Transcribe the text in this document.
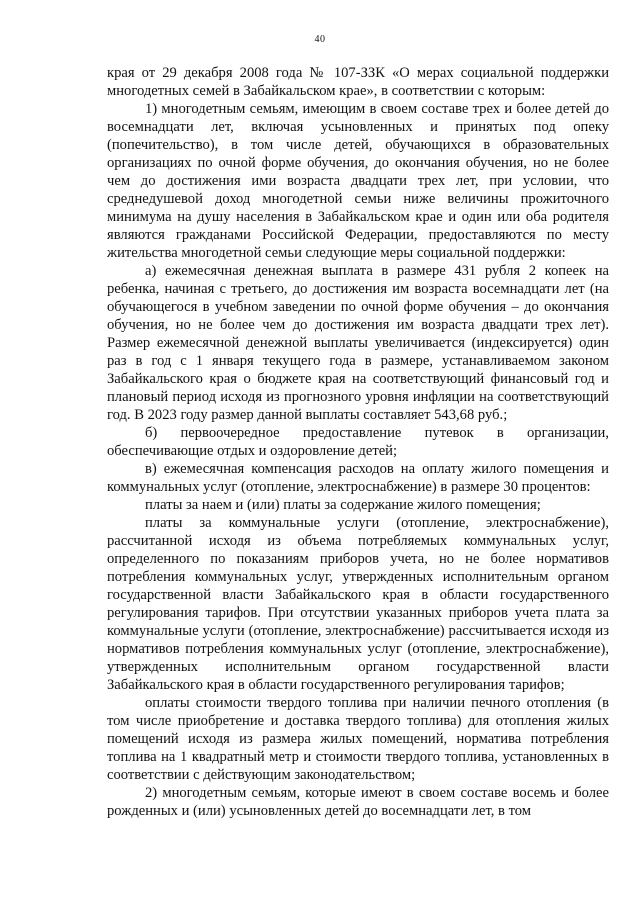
40

края от 29 декабря 2008 года № 107-ЗЗК «О мерах социальной поддержки многодетных семей в Забайкальском крае», в соответствии с которым:

1) многодетным семьям, имеющим в своем составе трех и более детей до восемнадцати лет, включая усыновленных и принятых под опеку (попечительство), в том числе детей, обучающихся в образовательных организациях по очной форме обучения, до окончания обучения, но не более чем до достижения ими возраста двадцати трех лет, при условии, что среднедушевой доход многодетной семьи ниже величины прожиточного минимума на душу населения в Забайкальском крае и один или оба родителя являются гражданами Российской Федерации, предоставляются по месту жительства многодетной семьи следующие меры социальной поддержки:

а) ежемесячная денежная выплата в размере 431 рубля 2 копеек на ребенка, начиная с третьего, до достижения им возраста восемнадцати лет (на обучающегося в учебном заведении по очной форме обучения – до окончания обучения, но не более чем до достижения им возраста двадцати трех лет). Размер ежемесячной денежной выплаты увеличивается (индексируется) один раз в год с 1 января текущего года в размере, устанавливаемом законом Забайкальского края о бюджете края на соответствующий финансовый год и плановый период исходя из прогнозного уровня инфляции на соответствующий год. В 2023 году размер данной выплаты составляет 543,68 руб.;

б) первоочередное предоставление путевок в организации, обеспечивающие отдых и оздоровление детей;

в) ежемесячная компенсация расходов на оплату жилого помещения и коммунальных услуг (отопление, электроснабжение) в размере 30 процентов:

платы за наем и (или) платы за содержание жилого помещения;

платы за коммунальные услуги (отопление, электроснабжение), рассчитанной исходя из объема потребляемых коммунальных услуг, определенного по показаниям приборов учета, но не более нормативов потребления коммунальных услуг, утвержденных исполнительным органом государственной власти Забайкальского края в области государственного регулирования тарифов. При отсутствии указанных приборов учета плата за коммунальные услуги (отопление, электроснабжение) рассчитывается исходя из нормативов потребления коммунальных услуг (отопление, электроснабжение), утвержденных исполнительным органом государственной власти Забайкальского края в области государственного регулирования тарифов;

оплаты стоимости твердого топлива при наличии печного отопления (в том числе приобретение и доставка твердого топлива) для отопления жилых помещений исходя из размера жилых помещений, норматива потребления топлива на 1 квадратный метр и стоимости твердого топлива, установленных в соответствии с действующим законодательством;

2) многодетным семьям, которые имеют в своем составе восемь и более рожденных и (или) усыновленных детей до восемнадцати лет, в том
